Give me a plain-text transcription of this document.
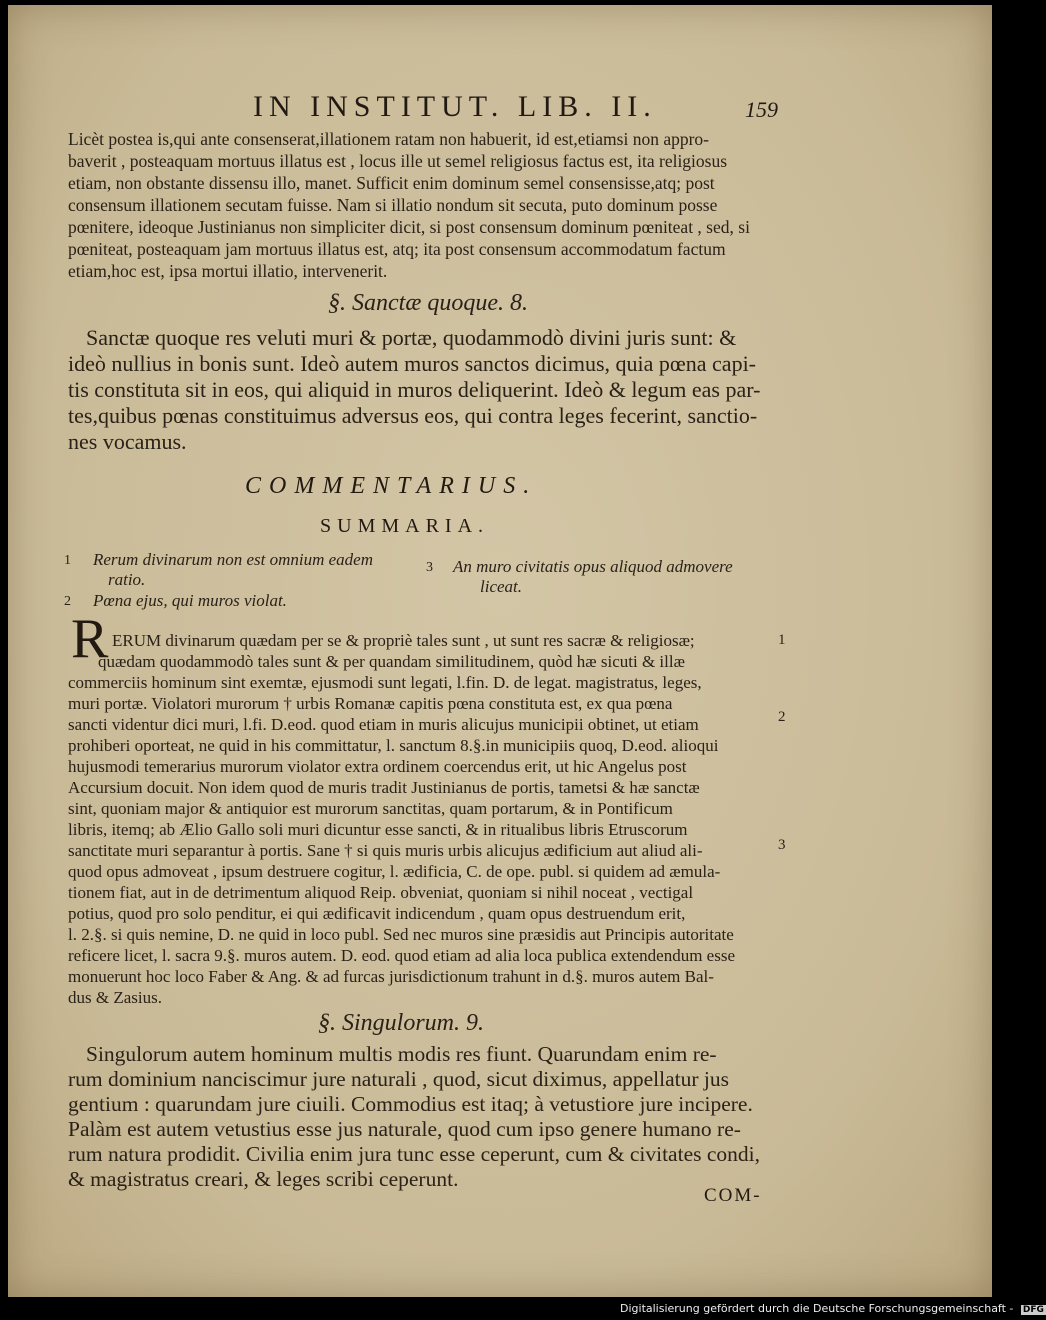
IN INSTITUT. LIB. II.	159
Licèt postea is,qui ante consenserat,illationem ratam non habuerit, id est,etiamsi non appro-
baverit , posteaquam mortuus illatus est , locus ille ut semel religiosus factus est, ita religiosus
etiam, non obstante dissensu illo, manet. Sufficit enim dominum semel consensisse,atq; post
consensum illationem secutam fuisse. Nam si illatio nondum sit secuta, puto dominum posse
pœnitere, ideoque Justinianus non simpliciter dicit, si post consensum dominum pœniteat , sed, si
pœniteat, posteaquam jam mortuus illatus est, atq; ita post consensum accommodatum factum
etiam,hoc est, ipsa mortui illatio, intervenerit.
§. Sanctæ quoque. 8.
Sanctæ quoque res veluti muri & portæ, quodammodò divini juris sunt: &
ideò nullius in bonis sunt. Ideò autem muros sanctos dicimus, quia pœna capi-
tis constituta sit in eos, qui aliquid in muros deliquerint. Ideò & legum eas par-
tes,quibus pœnas constituimus adversus eos, qui contra leges fecerint, sanctio-
nes vocamus.
COMMENTARIUS.
SUMMARIA.
1 Rerum divinarum non est omnium eadem
ratio.
2 Pœna ejus, qui muros violat.
3 An muro civitatis opus aliquod admovere
liceat.
R ERUM divinarum quædam per se & propriè tales sunt , ut sunt res sacræ & religiosæ;
quædam quodammodò tales sunt & per quandam similitudinem, quòd hæ sicuti & illæ
commerciis hominum sint exemtæ, ejusmodi sunt legati, l.fin. D. de legat. magistratus, leges,
muri portæ. Violatori murorum † urbis Romanæ capitis pœna constituta est, ex qua pœna
sancti videntur dici muri, l.fi. D.eod. quod etiam in muris alicujus municipii obtinet, ut etiam
prohiberi oporteat, ne quid in his committatur, l. sanctum 8.§.in municipiis quoq, D.eod. alioqui
hujusmodi temerarius murorum violator extra ordinem coercendus erit, ut hic Angelus post
Accursium docuit. Non idem quod de muris tradit Justinianus de portis, tametsi & hæ sanctæ
sint, quoniam major & antiquior est murorum sanctitas, quam portarum, & in Pontificum
libris, itemq; ab Ælio Gallo soli muri dicuntur esse sancti, & in ritualibus libris Etruscorum
sanctitate muri separantur à portis. Sane † si quis muris urbis alicujus ædificium aut aliud ali-
quod opus admoveat , ipsum destruere cogitur, l. ædificia, C. de ope. publ. si quidem ad æmula-
tionem fiat, aut in de detrimentum aliquod Reip. obveniat, quoniam si nihil noceat , vectigal
potius, quod pro solo penditur, ei qui ædificavit indicendum , quam opus destruendum erit,
l. 2.§. si quis nemine, D. ne quid in loco publ. Sed nec muros sine præsidis aut Principis autoritate
reficere licet, l. sacra 9.§. muros autem. D. eod. quod etiam ad alia loca publica extendendum esse
monuerunt hoc loco Faber & Ang. & ad furcas jurisdictionum trahunt in d.§. muros autem Bal-
dus & Zasius.
1
2
3
§. Singulorum. 9.
Singulorum autem hominum multis modis res fiunt. Quarundam enim re-
rum dominium nanciscimur jure naturali , quod, sicut diximus, appellatur jus
gentium : quarundam jure ciuili. Commodius est itaq; à vetustiore jure incipere.
Palàm est autem vetustius esse jus naturale, quod cum ipso genere humano re-
rum natura prodidit. Civilia enim jura tunc esse ceperunt, cum & civitates condi,
& magistratus creari, & leges scribi ceperunt.
COM-
Digitalisierung gefördert durch die Deutsche Forschungsgemeinschaft - DFG
